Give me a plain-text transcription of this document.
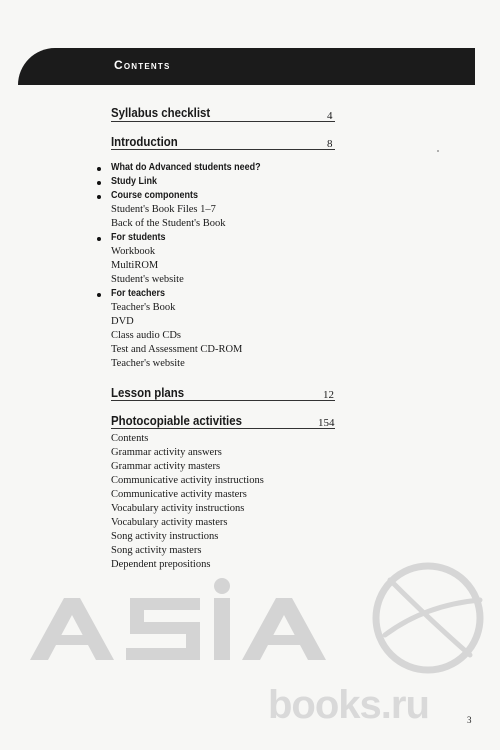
Contents
Syllabus checklist	4
Introduction	8
What do Advanced students need?
Study Link
Course components
Student's Book Files 1–7
Back of the Student's Book
For students
Workbook
MultiROM
Student's website
For teachers
Teacher's Book
DVD
Class audio CDs
Test and Assessment CD-ROM
Teacher's website
Lesson plans	12
Photocopiable activities	154
Contents
Grammar activity answers
Grammar activity masters
Communicative activity instructions
Communicative activity masters
Vocabulary activity instructions
Vocabulary activity masters
Song activity instructions
Song activity masters
Dependent prepositions
books.ru	3
